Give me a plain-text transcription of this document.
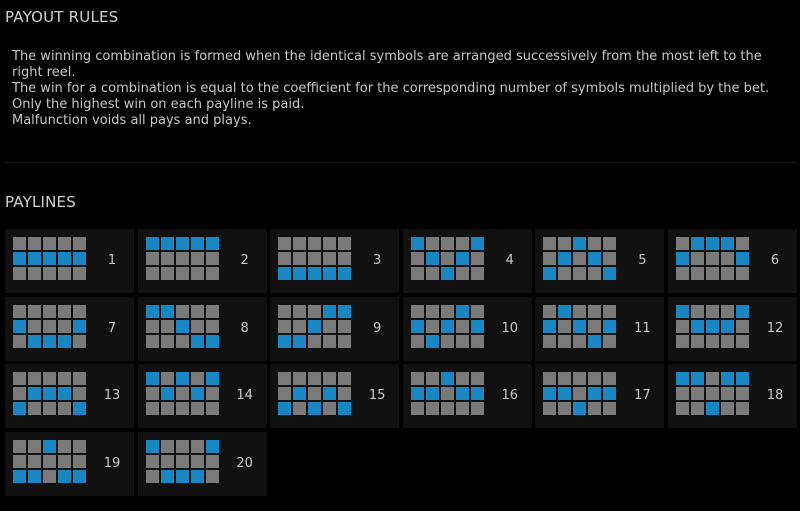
PAYOUT RULES

The winning combination is formed when the identical symbols are arranged successively from the most left to the right reel.

The win for a combination is equal to the coefficient for the corresponding number of symbols multiplied by the bet.

Only the highest win on each payline is paid.

Malfunction voids all pays and plays.

PAYLINES
1	2	3	4	5	6
7	8	9	10	11	12
13	14	15	16	17	18
19	20
